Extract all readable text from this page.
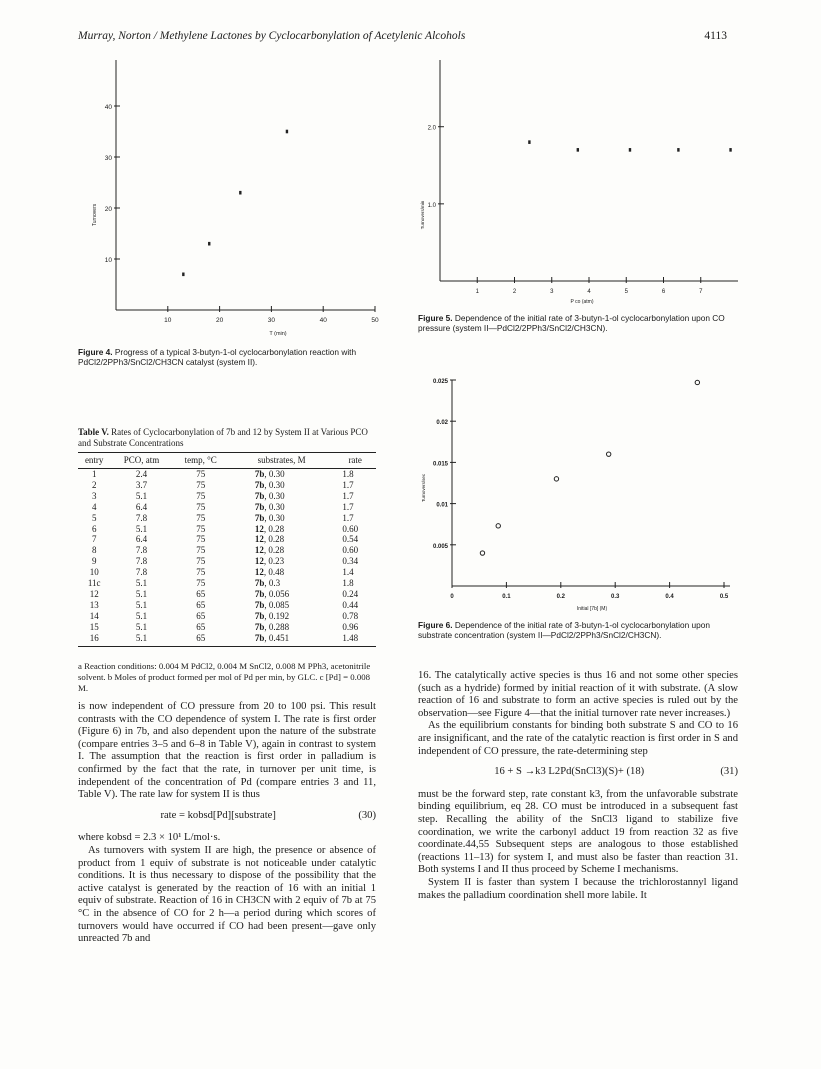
Murray, Norton / Methylene Lactones by Cyclocarbonylation of Acetylenic Alcohols	4113
10	20	30	40	50
10
20
30
40
T (min)
Turnovers
Figure 4. Progress of a typical 3-butyn-1-ol cyclocarbonylation reaction with PdCl2/2PPh3/SnCl2/CH3CN catalyst (system II).
1	2	3	4	5	6	7
1.0
2.0
P co (atm)
Turnovers/min
Figure 5. Dependence of the initial rate of 3-butyn-1-ol cyclocarbonylation upon CO pressure (system II—PdCl2/2PPh3/SnCl2/CH3CN).
0	0.1	0.2	0.3	0.4	0.5
0.005
0.01
0.015
0.02
0.025
Initial [7b] (M)
Turnovers/sec
Figure 6. Dependence of the initial rate of 3-butyn-1-ol cyclocarbonylation upon substrate concentration (system II—PdCl2/2PPh3/SnCl2/CH3CN).
Table V. Rates of Cyclocarbonylation of 7b and 12 by System II at Various PCO and Substrate Concentrations
entry	PCO, atm	temp, °C	substrates, M	rate
1	2.4	75	7b, 0.30	1.8
2	3.7	75	7b, 0.30	1.7
3	5.1	75	7b, 0.30	1.7
4	6.4	75	7b, 0.30	1.7
5	7.8	75	7b, 0.30	1.7
6	5.1	75	12, 0.28	0.60
7	6.4	75	12, 0.28	0.54
8	7.8	75	12, 0.28	0.60
9	7.8	75	12, 0.23	0.34
10	7.8	75	12, 0.48	1.4
11c	5.1	75	7b, 0.3	1.8
12	5.1	65	7b, 0.056	0.24
13	5.1	65	7b, 0.085	0.44
14	5.1	65	7b, 0.192	0.78
15	5.1	65	7b, 0.288	0.96
16	5.1	65	7b, 0.451	1.48
a Reaction conditions: 0.004 M PdCl2, 0.004 M SnCl2, 0.008 M PPh3, acetonitrile solvent. b Moles of product formed per mol of Pd per min, by GLC. c [Pd] = 0.008 M.

is now independent of CO pressure from 20 to 100 psi. This result contrasts with the CO dependence of system I. The rate is first order (Figure 6) in 7b, and also dependent upon the nature of the substrate (compare entries 3–5 and 6–8 in Table V), again in contrast to system I. The assumption that the reaction is first order in palladium is confirmed by the fact that the rate, in turnover per unit time, is independent of the concentration of Pd (compare entries 3 and 11, Table V). The rate law for system II is thus

rate = kobsd[Pd][substrate]	(30)

where kobsd = 2.3 × 10¹ L/mol·s.

As turnovers with system II are high, the presence or absence of product from 1 equiv of substrate is not noticeable under catalytic conditions. It is thus necessary to dispose of the possibility that the active catalyst is generated by the reaction of 16 with an initial 1 equiv of substrate. Reaction of 16 in CH3CN with 2 equiv of 7b at 75 °C in the absence of CO for 2 h—a period during which scores of turnovers would have occurred if CO had been present—gave only unreacted 7b and

16. The catalytically active species is thus 16 and not some other species (such as a hydride) formed by initial reaction of it with substrate. (A slow reaction of 16 and substrate to form an active species is ruled out by the observation—see Figure 4—that the initial turnover rate never increases.)

As the equilibrium constants for binding both substrate S and CO to 16 are insignificant, and the rate of the catalytic reaction is first order in S and independent of CO pressure, the rate-determining step

16 + S →k3 L2Pd(SnCl3)(S)+ (18)	(31)

must be the forward step, rate constant k3, from the unfavorable substrate binding equilibrium, eq 28. CO must be introduced in a subsequent fast step. Recalling the ability of the SnCl3 ligand to stabilize five coordination, we write the carbonyl adduct 19 from reaction 32 as five coordinate.44,55 Subsequent steps are analogous to those established (reactions 11–13) for system I, and must also be faster than reaction 31. Both systems I and II thus proceed by Scheme I mechanisms.

System II is faster than system I because the trichlorostannyl ligand makes the palladium coordination shell more labile. It
